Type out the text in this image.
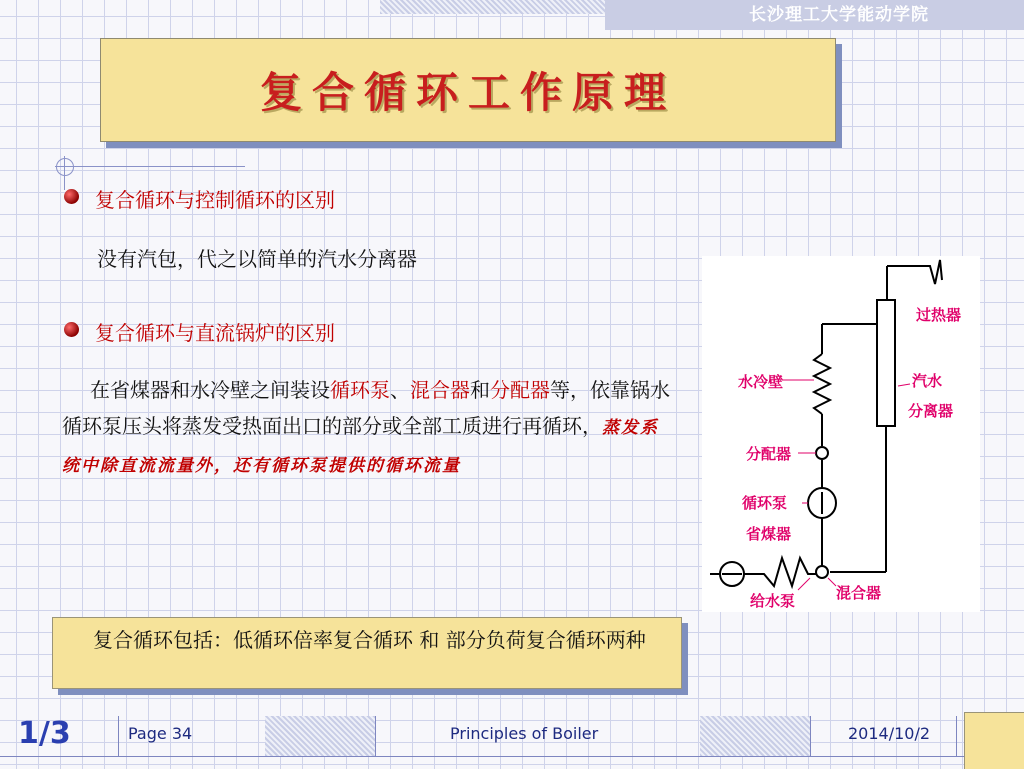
长沙理工大学能动学院
复合循环工作原理
复合循环与控制循环的区别
没有汽包，代之以简单的汽水分离器
复合循环与直流锅炉的区别
在省煤器和水冷壁之间装设循环泵、混合器和分配器等，依靠锅水循环泵压头将蒸发受热面出口的部分或全部工质进行再循环，蒸发系统中除直流流量外，还有循环泵提供的循环流量
过热器
水冷壁	汽水
分离器
分配器
循环泵
省煤器
混合器
给水泵
复合循环包括：低循环倍率复合循环 和 部分负荷复合循环两种
1/3	Page 34	Principles of Boiler	2014/10/2
